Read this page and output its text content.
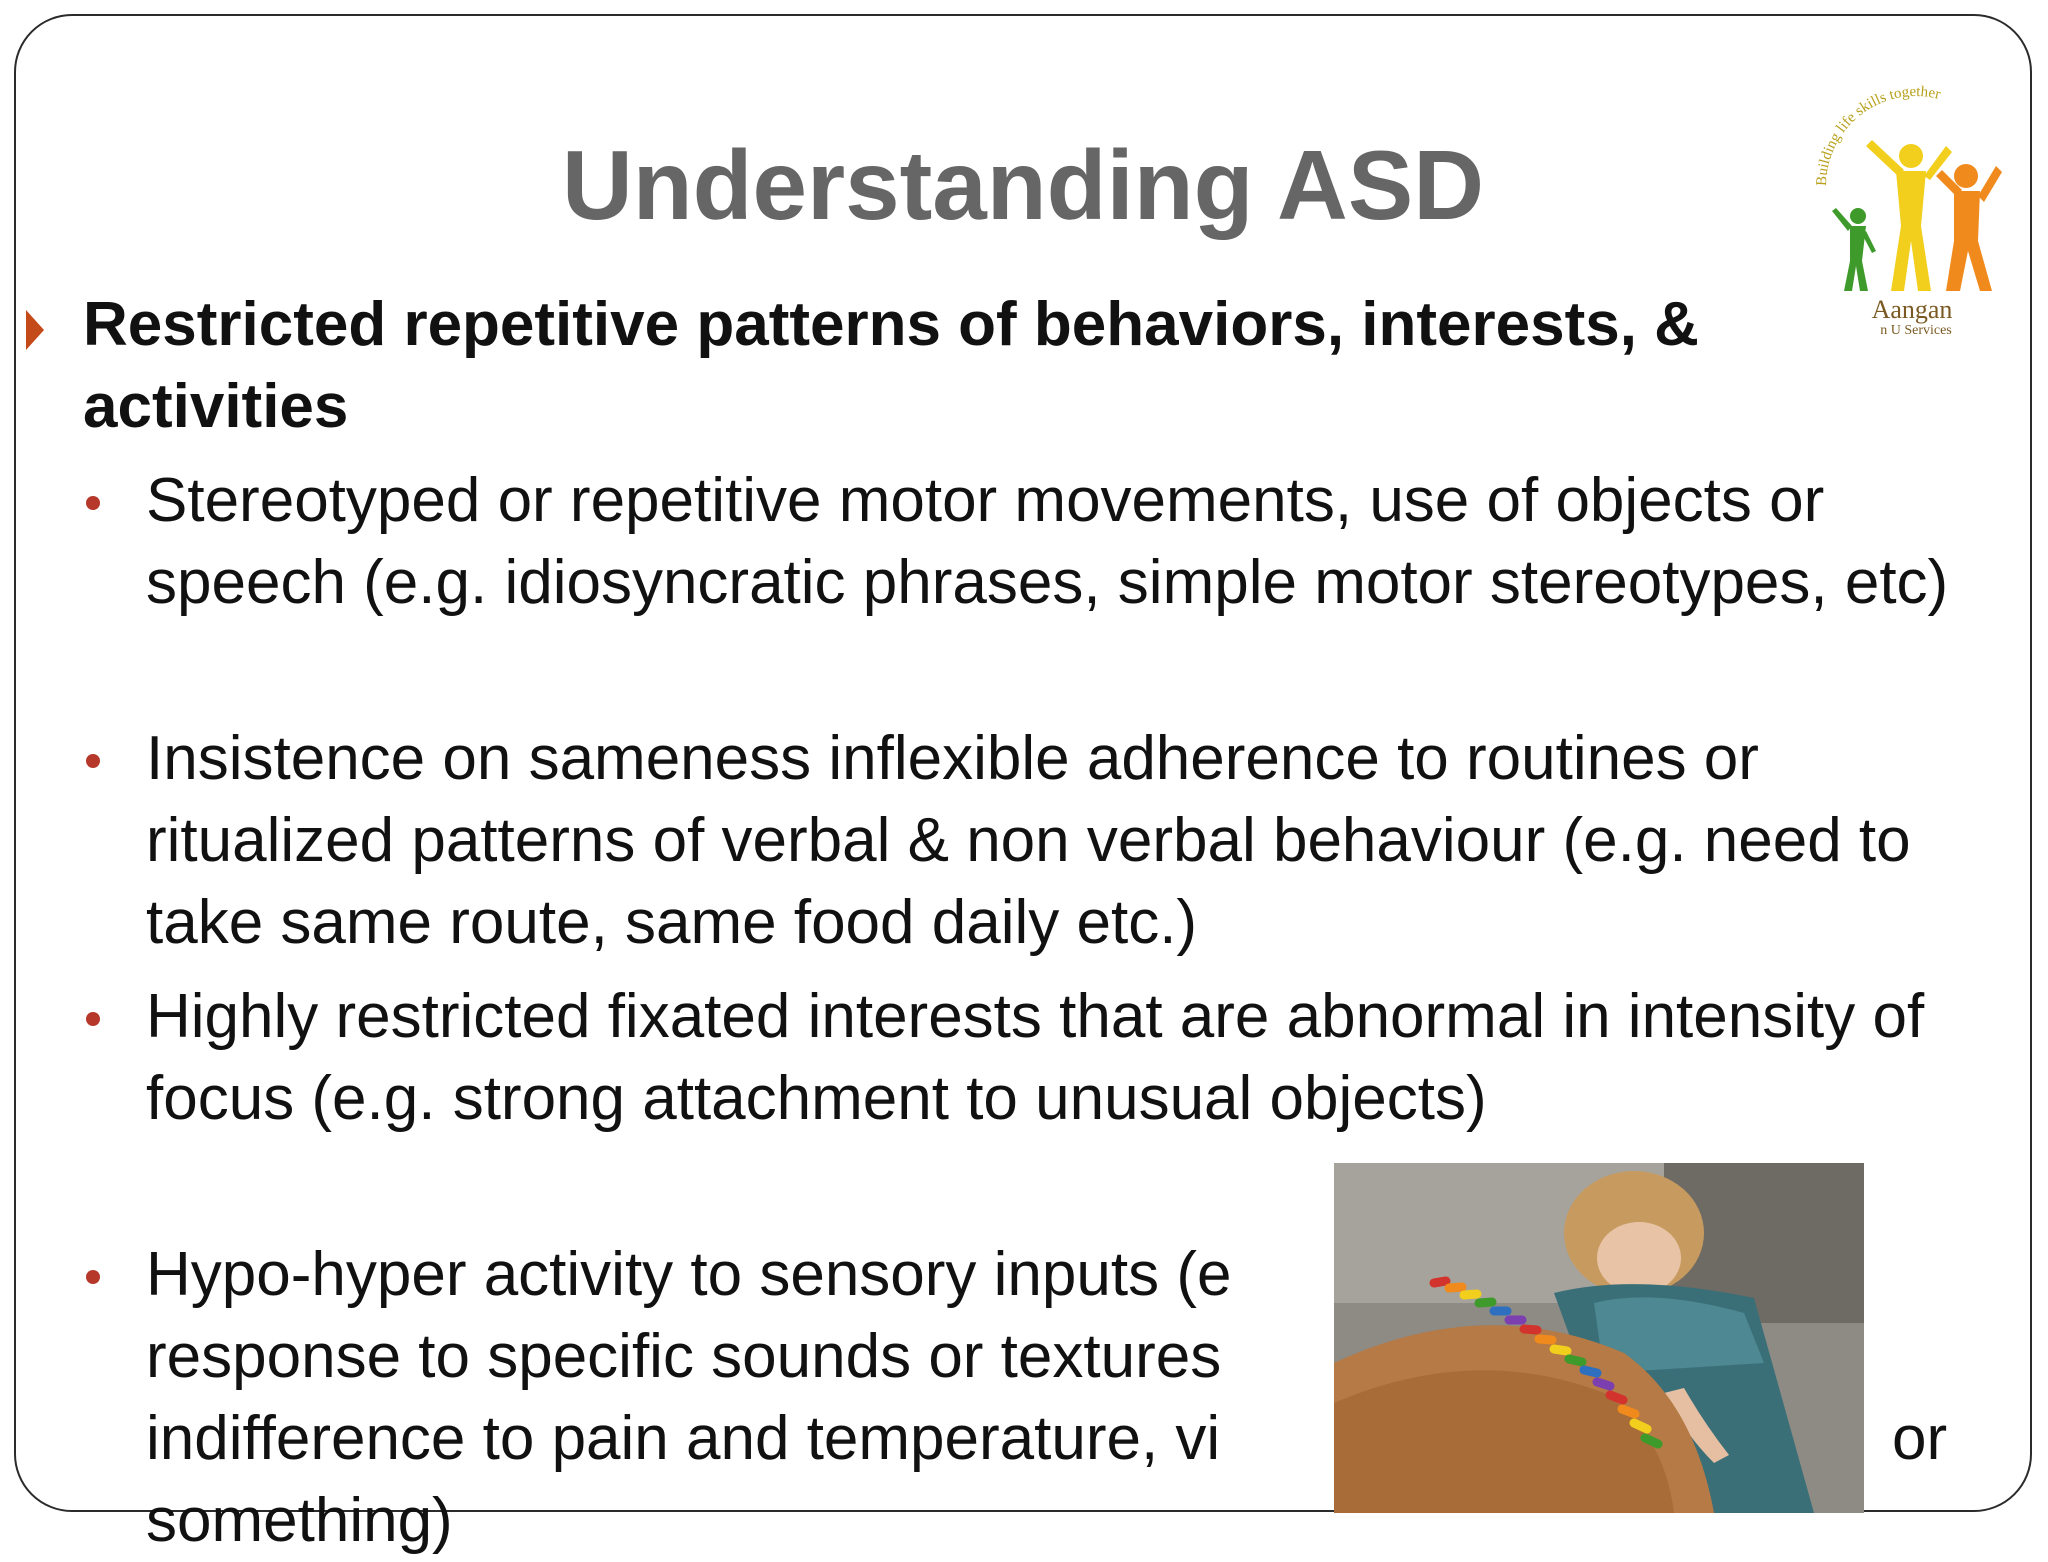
Understanding ASD	Building life skills together
Aangan
n U Services
Restricted repetitive patterns of behaviors, interests, & activities
Stereotyped or repetitive motor movements, use of objects or speech (e.g. idiosyncratic phrases, simple motor stereotypes, etc)
Insistence on sameness inflexible adherence to routines or ritualized patterns of verbal & non verbal behaviour (e.g. need to take same route, same food daily etc.)
Highly restricted fixated interests that are abnormal in intensity of focus (e.g. strong attachment to unusual objects)
Hypo-hyper activity to sensory inputs (e
response to specific sounds or textures
indifference to pain and temperature, vi	or
something)
